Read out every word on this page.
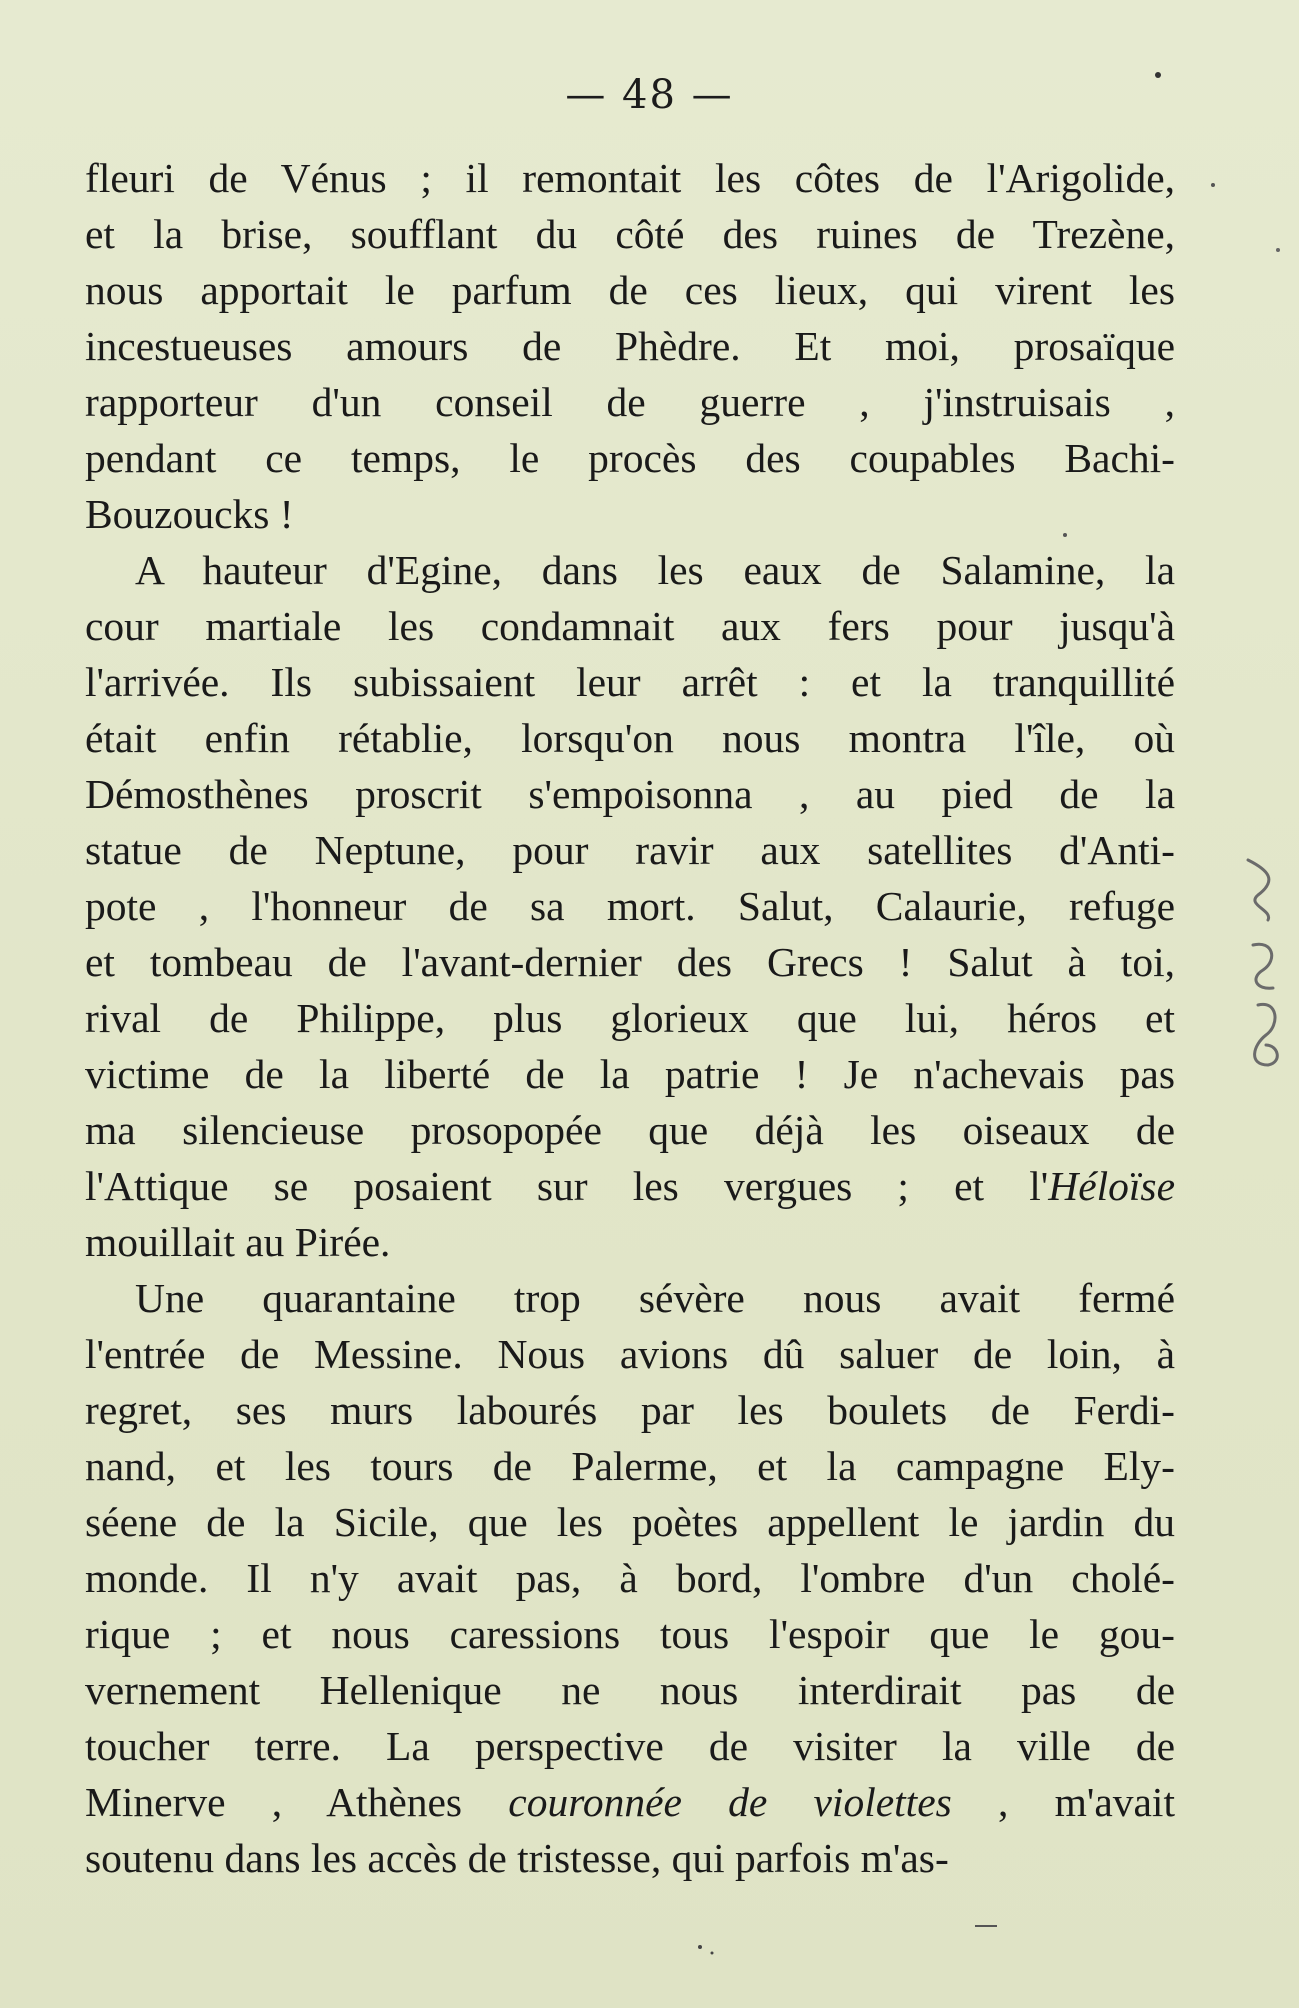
— 48 —
fleuri de Vénus ; il remontait les côtes de l'Arigolide,
et la brise, soufflant du côté des ruines de Trezène,
nous apportait le parfum de ces lieux, qui virent les
incestueuses amours de Phèdre. Et moi, prosaïque
rapporteur d'un conseil de guerre , j'instruisais ,
pendant ce temps, le procès des coupables Bachi-
Bouzoucks !
A hauteur d'Egine, dans les eaux de Salamine, la
cour martiale les condamnait aux fers pour jusqu'à
l'arrivée. Ils subissaient leur arrêt : et la tranquillité
était enfin rétablie, lorsqu'on nous montra l'île, où
Démosthènes proscrit s'empoisonna , au pied de la
statue de Neptune, pour ravir aux satellites d'Anti-
pote , l'honneur de sa mort. Salut, Calaurie, refuge
et tombeau de l'avant-dernier des Grecs ! Salut à toi,
rival de Philippe, plus glorieux que lui, héros et
victime de la liberté de la patrie ! Je n'achevais pas
ma silencieuse prosopopée que déjà les oiseaux de
l'Attique se posaient sur les vergues ; et l'Héloïse
mouillait au Pirée.
Une quarantaine trop sévère nous avait fermé
l'entrée de Messine. Nous avions dû saluer de loin, à
regret, ses murs labourés par les boulets de Ferdi-
nand, et les tours de Palerme, et la campagne Ely-
séene de la Sicile, que les poètes appellent le jardin du
monde. Il n'y avait pas, à bord, l'ombre d'un cholé-
rique ; et nous caressions tous l'espoir que le gou-
vernement Hellenique ne nous interdirait pas de
toucher terre. La perspective de visiter la ville de
Minerve , Athènes couronnée de violettes , m'avait
soutenu dans les accès de tristesse, qui parfois m'as-
